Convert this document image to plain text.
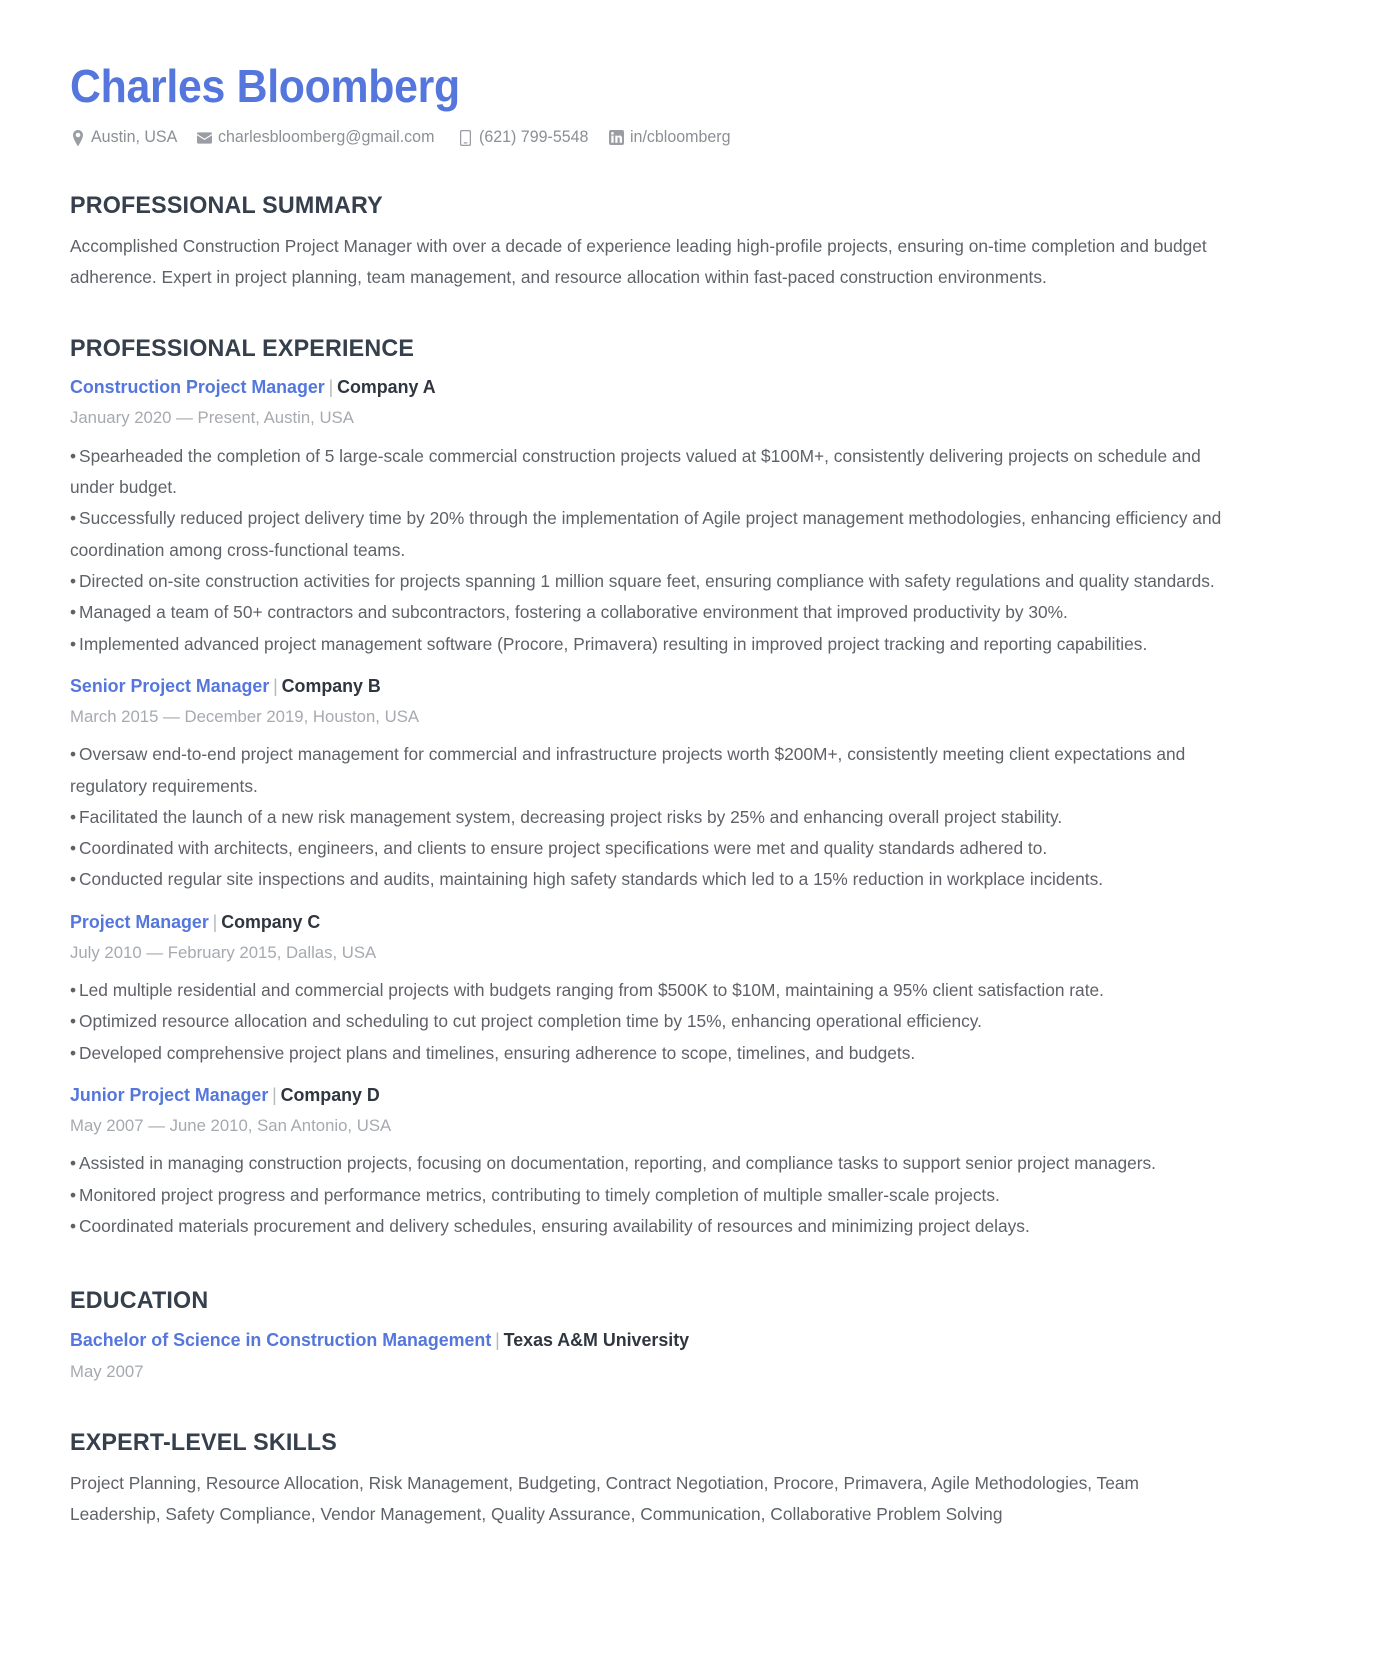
Charles Bloomberg
Austin, USA charlesbloomberg@gmail.com	(621) 799-5548	in/cbloomberg
PROFESSIONAL SUMMARY

Accomplished Construction Project Manager with over a decade of experience leading high-profile projects, ensuring on-time completion and budget adherence. Expert in project planning, team management, and resource allocation within fast-paced construction environments.

PROFESSIONAL EXPERIENCE
Construction Project Manager | Company A
January 2020 — Present, Austin, USA
• Spearheaded the completion of 5 large-scale commercial construction projects valued at $100M+, consistently delivering projects on schedule and under budget.
• Successfully reduced project delivery time by 20% through the implementation of Agile project management methodologies, enhancing efficiency and coordination among cross-functional teams.
• Directed on-site construction activities for projects spanning 1 million square feet, ensuring compliance with safety regulations and quality standards.
• Managed a team of 50+ contractors and subcontractors, fostering a collaborative environment that improved productivity by 30%.
• Implemented advanced project management software (Procore, Primavera) resulting in improved project tracking and reporting capabilities.
Senior Project Manager | Company B
March 2015 — December 2019, Houston, USA
• Oversaw end-to-end project management for commercial and infrastructure projects worth $200M+, consistently meeting client expectations and regulatory requirements.
• Facilitated the launch of a new risk management system, decreasing project risks by 25% and enhancing overall project stability.
• Coordinated with architects, engineers, and clients to ensure project specifications were met and quality standards adhered to.
• Conducted regular site inspections and audits, maintaining high safety standards which led to a 15% reduction in workplace incidents.
Project Manager | Company C
July 2010 — February 2015, Dallas, USA
• Led multiple residential and commercial projects with budgets ranging from $500K to $10M, maintaining a 95% client satisfaction rate.
• Optimized resource allocation and scheduling to cut project completion time by 15%, enhancing operational efficiency.
• Developed comprehensive project plans and timelines, ensuring adherence to scope, timelines, and budgets.
Junior Project Manager | Company D
May 2007 — June 2010, San Antonio, USA
• Assisted in managing construction projects, focusing on documentation, reporting, and compliance tasks to support senior project managers.
• Monitored project progress and performance metrics, contributing to timely completion of multiple smaller-scale projects.
• Coordinated materials procurement and delivery schedules, ensuring availability of resources and minimizing project delays.
EDUCATION
Bachelor of Science in Construction Management | Texas A&M University
May 2007
EXPERT-LEVEL SKILLS

Project Planning, Resource Allocation, Risk Management, Budgeting, Contract Negotiation, Procore, Primavera, Agile Methodologies, Team Leadership, Safety Compliance, Vendor Management, Quality Assurance, Communication, Collaborative Problem Solving
